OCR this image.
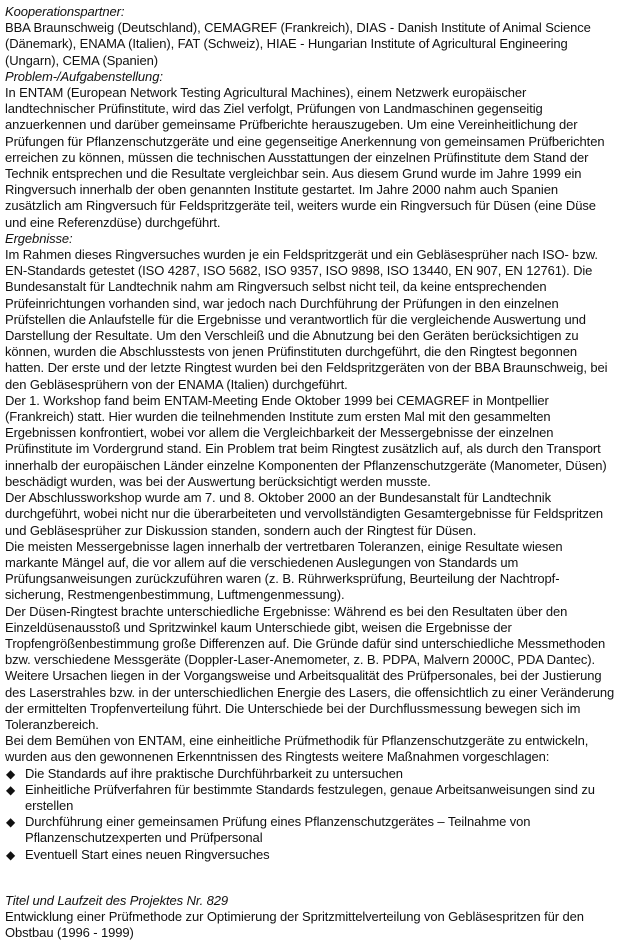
Kooperationspartner:

BBA Braunschweig (Deutschland), CEMAGREF (Frankreich), DIAS - Danish Institute of Animal Science (Dänemark), ENAMA (Italien), FAT (Schweiz), HIAE - Hungarian Institute of Agricultural Engineering (Ungarn), CEMA (Spanien)

Problem-/Aufgabenstellung:

In ENTAM (European Network Testing Agricultural Machines), einem Netzwerk europäischer landtechnischer Prüfinstitute, wird das Ziel verfolgt, Prüfungen von Landmaschinen gegenseitig anzuerkennen und darüber gemeinsame Prüfberichte herauszugeben. Um eine Vereinheitlichung der Prüfungen für Pflanzenschutzgeräte und eine gegenseitige Anerkennung von gemeinsamen Prüfberichten erreichen zu können, müssen die technischen Ausstattungen der einzelnen Prüfinstitute dem Stand der Technik entsprechen und die Resultate vergleichbar sein. Aus diesem Grund wurde im Jahre 1999 ein Ringversuch innerhalb der oben genannten Institute gestartet. Im Jahre 2000 nahm auch Spanien zusätzlich am Ringversuch für Feldspritzgeräte teil, weiters wurde ein Ringversuch für Düsen (eine Düse und eine Referenzdüse) durchgeführt.

Ergebnisse:

Im Rahmen dieses Ringversuches wurden je ein Feldspritzgerät und ein Gebläsesprüher nach ISO- bzw. EN-Standards getestet (ISO 4287, ISO 5682, ISO 9357, ISO 9898, ISO 13440, EN 907, EN 12761). Die Bundesanstalt für Landtechnik nahm am Ringversuch selbst nicht teil, da keine entsprechenden Prüfeinrichtungen vorhanden sind, war jedoch nach Durchführung der Prüfungen in den einzelnen Prüfstellen die Anlaufstelle für die Ergebnisse und verantwortlich für die vergleichende Auswertung und Darstellung der Resultate. Um den Verschleiß und die Abnutzung bei den Geräten berücksichtigen zu können, wurden die Abschlusstests von jenen Prüfinstituten durchgeführt, die den Ringtest begonnen hatten. Der erste und der letzte Ringtest wurden bei den Feldspritzgeräten von der BBA Braunschweig, bei den Gebläsesprühern von der ENAMA (Italien) durchgeführt.

Der 1. Workshop fand beim ENTAM-Meeting Ende Oktober 1999 bei CEMAGREF in Montpellier (Frankreich) statt. Hier wurden die teilnehmenden Institute zum ersten Mal mit den gesammelten Ergebnissen konfrontiert, wobei vor allem die Vergleichbarkeit der Messergebnisse der einzelnen Prüfinstitute im Vordergrund stand. Ein Problem trat beim Ringtest zusätzlich auf, als durch den Transport innerhalb der europäischen Länder einzelne Komponenten der Pflanzenschutzgeräte (Manometer, Düsen) beschädigt wurden, was bei der Auswertung berücksichtigt werden musste.

Der Abschlussworkshop wurde am 7. und 8. Oktober 2000 an der Bundesanstalt für Landtechnik durchgeführt, wobei nicht nur die überarbeiteten und vervollständigten Gesamtergebnisse für Feldspritzen und Gebläsesprüher zur Diskussion standen, sondern auch der Ringtest für Düsen.

Die meisten Messergebnisse lagen innerhalb der vertretbaren Toleranzen, einige Resultate wiesen markante Mängel auf, die vor allem auf die verschiedenen Auslegungen von Standards um Prüfungsanweisungen zurückzuführen waren (z. B. Rührwerksprüfung, Beurteilung der Nachtropf- sicherung, Restmengenbestimmung, Luftmengenmessung).

Der Düsen-Ringtest brachte unterschiedliche Ergebnisse: Während es bei den Resultaten über den Einzeldüsenausstoß und Spritzwinkel kaum Unterschiede gibt, weisen die Ergebnisse der Tropfengrößenbestimmung große Differenzen auf. Die Gründe dafür sind unterschiedliche Messmethoden bzw. verschiedene Messgeräte (Doppler-Laser-Anemometer, z. B. PDPA, Malvern 2000C, PDA Dantec). Weitere Ursachen liegen in der Vorgangsweise und Arbeitsqualität des Prüfpersonales, bei der Justierung des Laserstrahles bzw. in der unterschiedlichen Energie des Lasers, die offensichtlich zu einer Veränderung der ermittelten Tropfenverteilung führt. Die Unterschiede bei der Durchflussmessung bewegen sich im Toleranzbereich.

Bei dem Bemühen von ENTAM, eine einheitliche Prüfmethodik für Pflanzenschutzgeräte zu entwickeln, wurden aus den gewonnenen Erkenntnissen des Ringtests weitere Maßnahmen vorgeschlagen:

◆ Die Standards auf ihre praktische Durchführbarkeit zu untersuchen
◆ Einheitliche Prüfverfahren für bestimmte Standards festzulegen, genaue Arbeitsanweisungen sind zu erstellen
◆ Durchführung einer gemeinsamen Prüfung eines Pflanzenschutzgerätes – Teilnahme von Pflanzenschutzexperten und Prüfpersonal
◆ Eventuell Start eines neuen Ringversuches

Titel und Laufzeit des Projektes Nr. 829

Entwicklung einer Prüfmethode zur Optimierung der Spritzmittelverteilung von Gebläsespritzen für den Obstbau (1996 - 1999)
